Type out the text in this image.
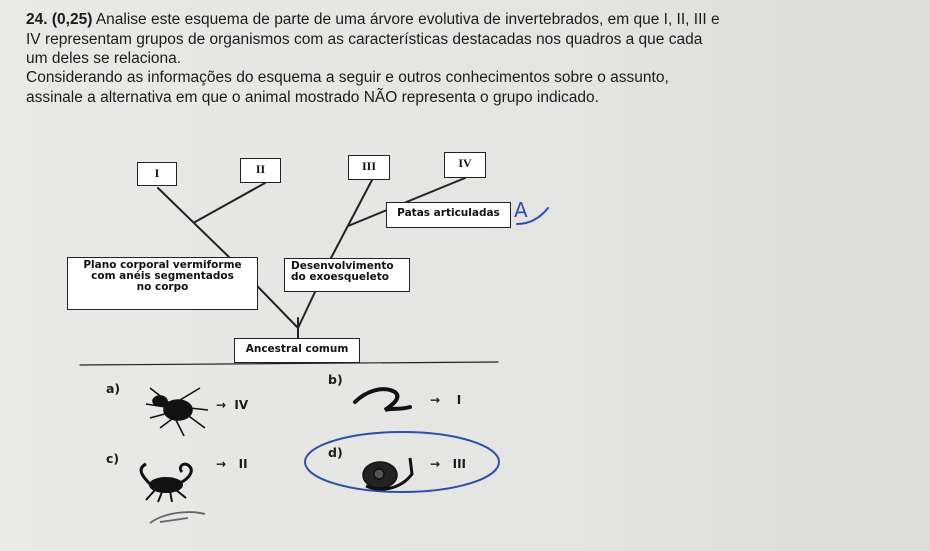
24. (0,25) Analise este esquema de parte de uma árvore evolutiva de invertebrados, em que I, II, III e
IV representam grupos de organismos com as características destacadas nos quadros a que cada
um deles se relaciona.
Considerando as informações do esquema a seguir e outros conhecimentos sobre o assunto,
assinale a alternativa em que o animal mostrado NÃO representa o grupo indicado.
I	II	III	IV
Plano corporal vermiforme
com anéis segmentados
no corpo
Desenvolvimento
do exoesqueleto
Patas articuladas
Ancestral comum
A
a)
→ IV
b)
→ I
c)	→ II
d)
→ III
